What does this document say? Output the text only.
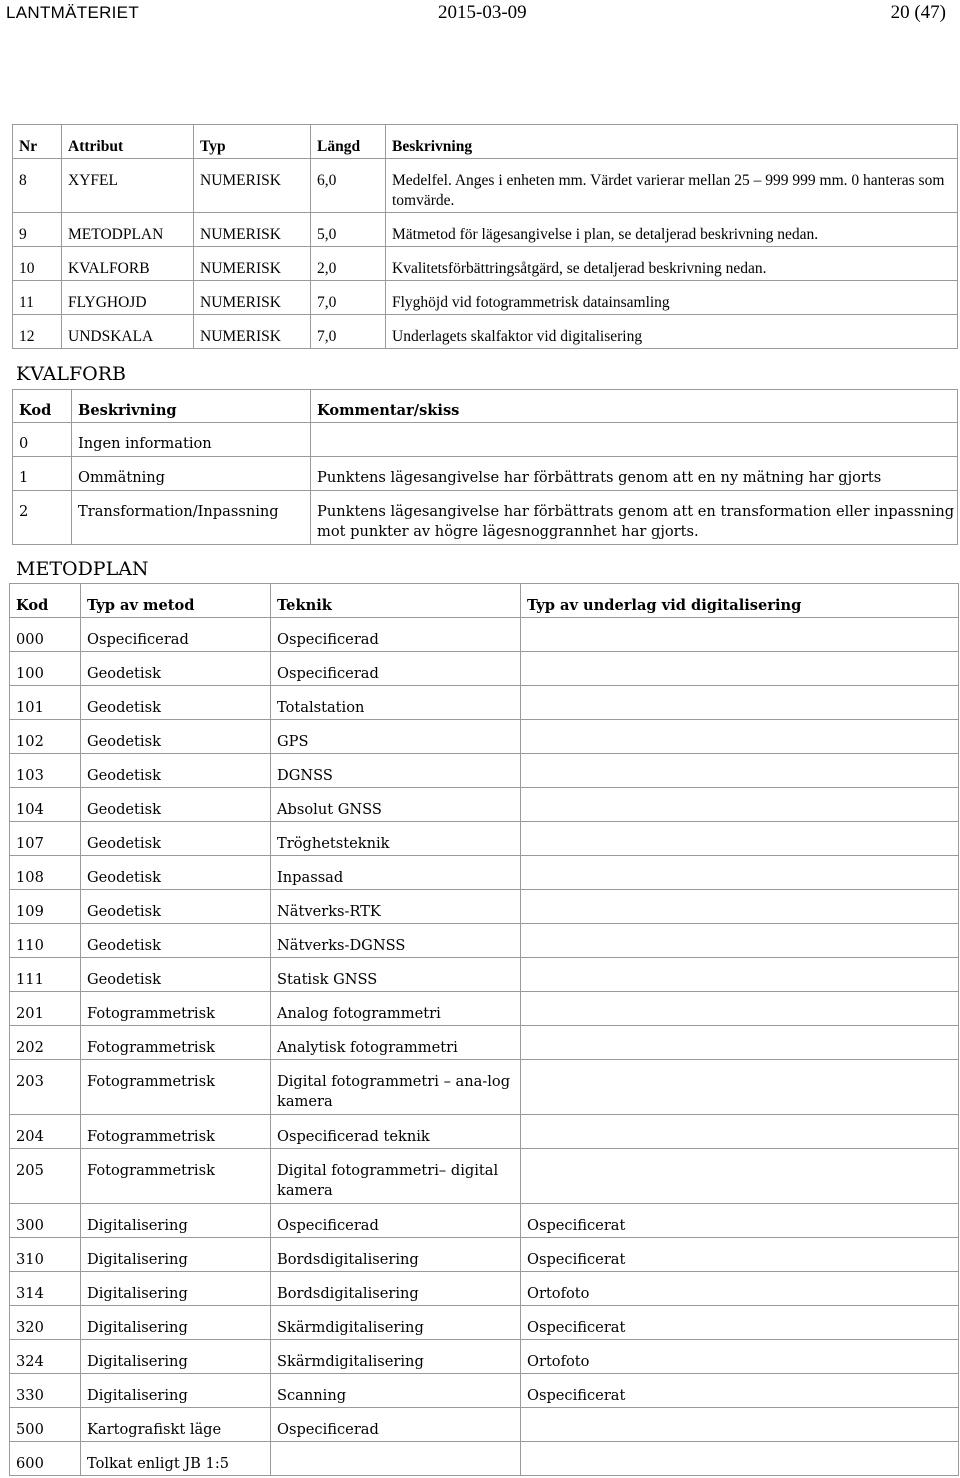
LANTMÄTERIET	2015-03-09	20 (47)
Nr	Attribut	Typ	Längd	Beskrivning
8	XYFEL	NUMERISK	6,0	Medelfel. Anges i enheten mm. Värdet varierar mellan 25 – 999 999 mm. 0 hanteras som tomvärde.
9	METODPLAN	NUMERISK	5,0	Mätmetod för lägesangivelse i plan, se detaljerad beskrivning nedan.
10	KVALFORB	NUMERISK	2,0	Kvalitetsförbättringsåtgärd, se detaljerad beskrivning nedan.
11	FLYGHOJD	NUMERISK	7,0	Flyghöjd vid fotogrammetrisk datainsamling
12	UNDSKALA	NUMERISK	7,0	Underlagets skalfaktor vid digitalisering
KVALFORB
Kod	Beskrivning	Kommentar/skiss
0	Ingen information	
1	Ommätning	Punktens lägesangivelse har förbättrats genom att en ny mätning har gjorts
2	Transformation/Inpassning	Punktens lägesangivelse har förbättrats genom att en transformation eller inpassning mot punkter av högre lägesnoggrannhet har gjorts.
METODPLAN
Kod	Typ av metod	Teknik	Typ av underlag vid digitalisering
000	Ospecificerad	Ospecificerad	
100	Geodetisk	Ospecificerad	
101	Geodetisk	Totalstation	
102	Geodetisk	GPS	
103	Geodetisk	DGNSS	
104	Geodetisk	Absolut GNSS	
107	Geodetisk	Tröghetsteknik	
108	Geodetisk	Inpassad	
109	Geodetisk	Nätverks-RTK	
110	Geodetisk	Nätverks-DGNSS	
111	Geodetisk	Statisk GNSS	
201	Fotogrammetrisk	Analog fotogrammetri	
202	Fotogrammetrisk	Analytisk fotogrammetri	
203	Fotogrammetrisk	Digital fotogrammetri – ana-log kamera	
204	Fotogrammetrisk	Ospecificerad teknik	
205	Fotogrammetrisk	Digital fotogrammetri– digital kamera	
300	Digitalisering	Ospecificerad	Ospecificerat
310	Digitalisering	Bordsdigitalisering	Ospecificerat
314	Digitalisering	Bordsdigitalisering	Ortofoto
320	Digitalisering	Skärmdigitalisering	Ospecificerat
324	Digitalisering	Skärmdigitalisering	Ortofoto
330	Digitalisering	Scanning	Ospecificerat
500	Kartografiskt läge	Ospecificerad	
600	Tolkat enligt JB 1:5		
